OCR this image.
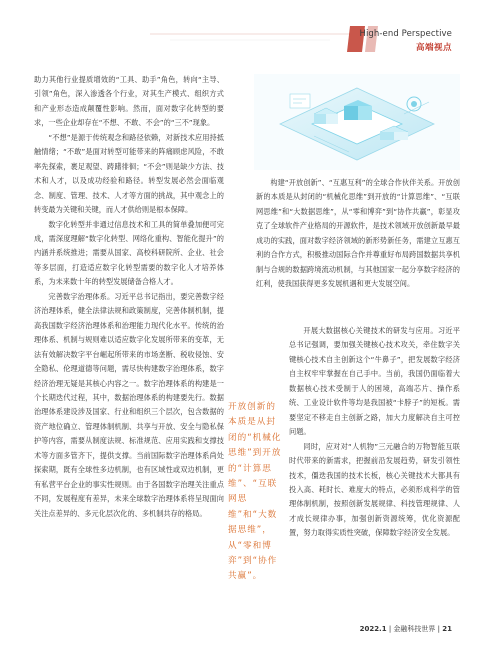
High-end Perspective
高端视点

助力其他行业提质增效的“工具、助手”角色，转向“主导、引领”角色，深入渗透各个行业，对其生产模式、组织方式和产业形态造成颠覆性影响。然而，面对数字化转型的要求，一些企业却存在“不想、不敢、不会”的“三不”现象。

“不想”是源于传统观念和路径依赖，对新技术应用持抵触情绪；“不敢”是面对转型可能带来的阵痛顾虑风险，不敢率先探索，裹足观望、踌躇徘徊；“不会”则是缺少方法、技术和人才，以及成功经验和路径。转型发展必然会面临观念、制度、管理、技术、人才等方面的挑战，其中观念上的转变最为关键和关键，而人才供给则是根本保障。

数字化转型并非通过信息技术和工具的简单叠加便可完成，需深度理解“数字化转型、网络化重构、智能化提升”的内涵并系统推进；需要从国家、高校科研院所、企业、社会等多层面，打造适应数字化转型需要的数字化人才培养体系，为未来数十年的转型发展储备合格人才。

完善数字治理体系。习近平总书记指出，要完善数字经济治理体系，健全法律法规和政策制度，完善体制机制，提高我国数字经济治理体系和治理能力现代化水平。传统的治理体系、机制与规则难以适应数字化发展所带来的变革，无法有效解决数字平台崛起所带来的市场垄断、税收侵蚀、安全隐私、伦理道德等问题，需尽快构建数字治理体系，数字经济治理无疑是其核心内容之一。数字治理体系的构建是一个长期迭代过程，其中，数据治理体系的构建要先行。数据治理体系建设涉及国家、行业和组织三个层次，包含数据的资产地位确立、管理体制机制、共享与开放、安全与隐私保护等内容，需要从制度法规、标准规范、应用实践和支撑技术等方面多管齐下，提供支撑。当前国际数字治理体系尚处探索期，既有全球性多边机制，也有区域性或双边机制，更有私营平台企业的事实性规则。由于各国数字治理关注重点不同，发展程度有差异，未来全球数字治理体系将呈现面向关注点差异的、多元化层次化的、多机制共存的格局。

开放创新的本质是从封闭的“机械化思维”到开放的“计算思维”、“互联网思维”和“大数据思维”，从“零和博弈”到“协作共赢”。

构建“开放创新”、“互惠互利”的全球合作伙伴关系。开放创新的本质是从封闭的“机械化思维”到开放的“计算思维”、“互联网思维”和“大数据思维”，从“零和博弈”到“协作共赢”，彰显攻克了全球软件产业格局的开源软件，是技术领域开放创新最早最成功的实践，面对数字经济领域的新形势新任务，需建立互惠互利的合作方式，积极推动国际合作并尊重好布局跨国数据共享机制与合规的数据跨境流动机制，与其他国家一起分享数字经济的红利，使我国获得更多发展机遇和更大发展空间。

开展大数据核心关键技术的研发与应用。习近平总书记强调，要加强关键核心技术攻关，牵住数字关键核心技术自主创新这个“牛鼻子”，把发展数字经济自主权牢牢掌握在自己手中。当前，我国仍面临着大数据核心技术受制于人的困境，高端芯片、操作系统、工业设计软件等均是我国被“卡脖子”的短板。需要坚定不移走自主创新之路，加大力度解决自主可控问题。

同时，应对对“人机物”三元融合的万物智能互联时代带来的新需求，把握前沿发展趋势，研发引领性技术，僵迭我国的技术长板，核心关键技术大都具有投入高、耗时长、难度大的特点，必须形成科学的管理体制机制，按照创新发展规律、科技管理规律、人才成长规律办事，加强创新资源统筹，优化资源配置，努力取得实质性突破，保障数字经济安全发展。

2022.1 | 金融科技世界 | 21
